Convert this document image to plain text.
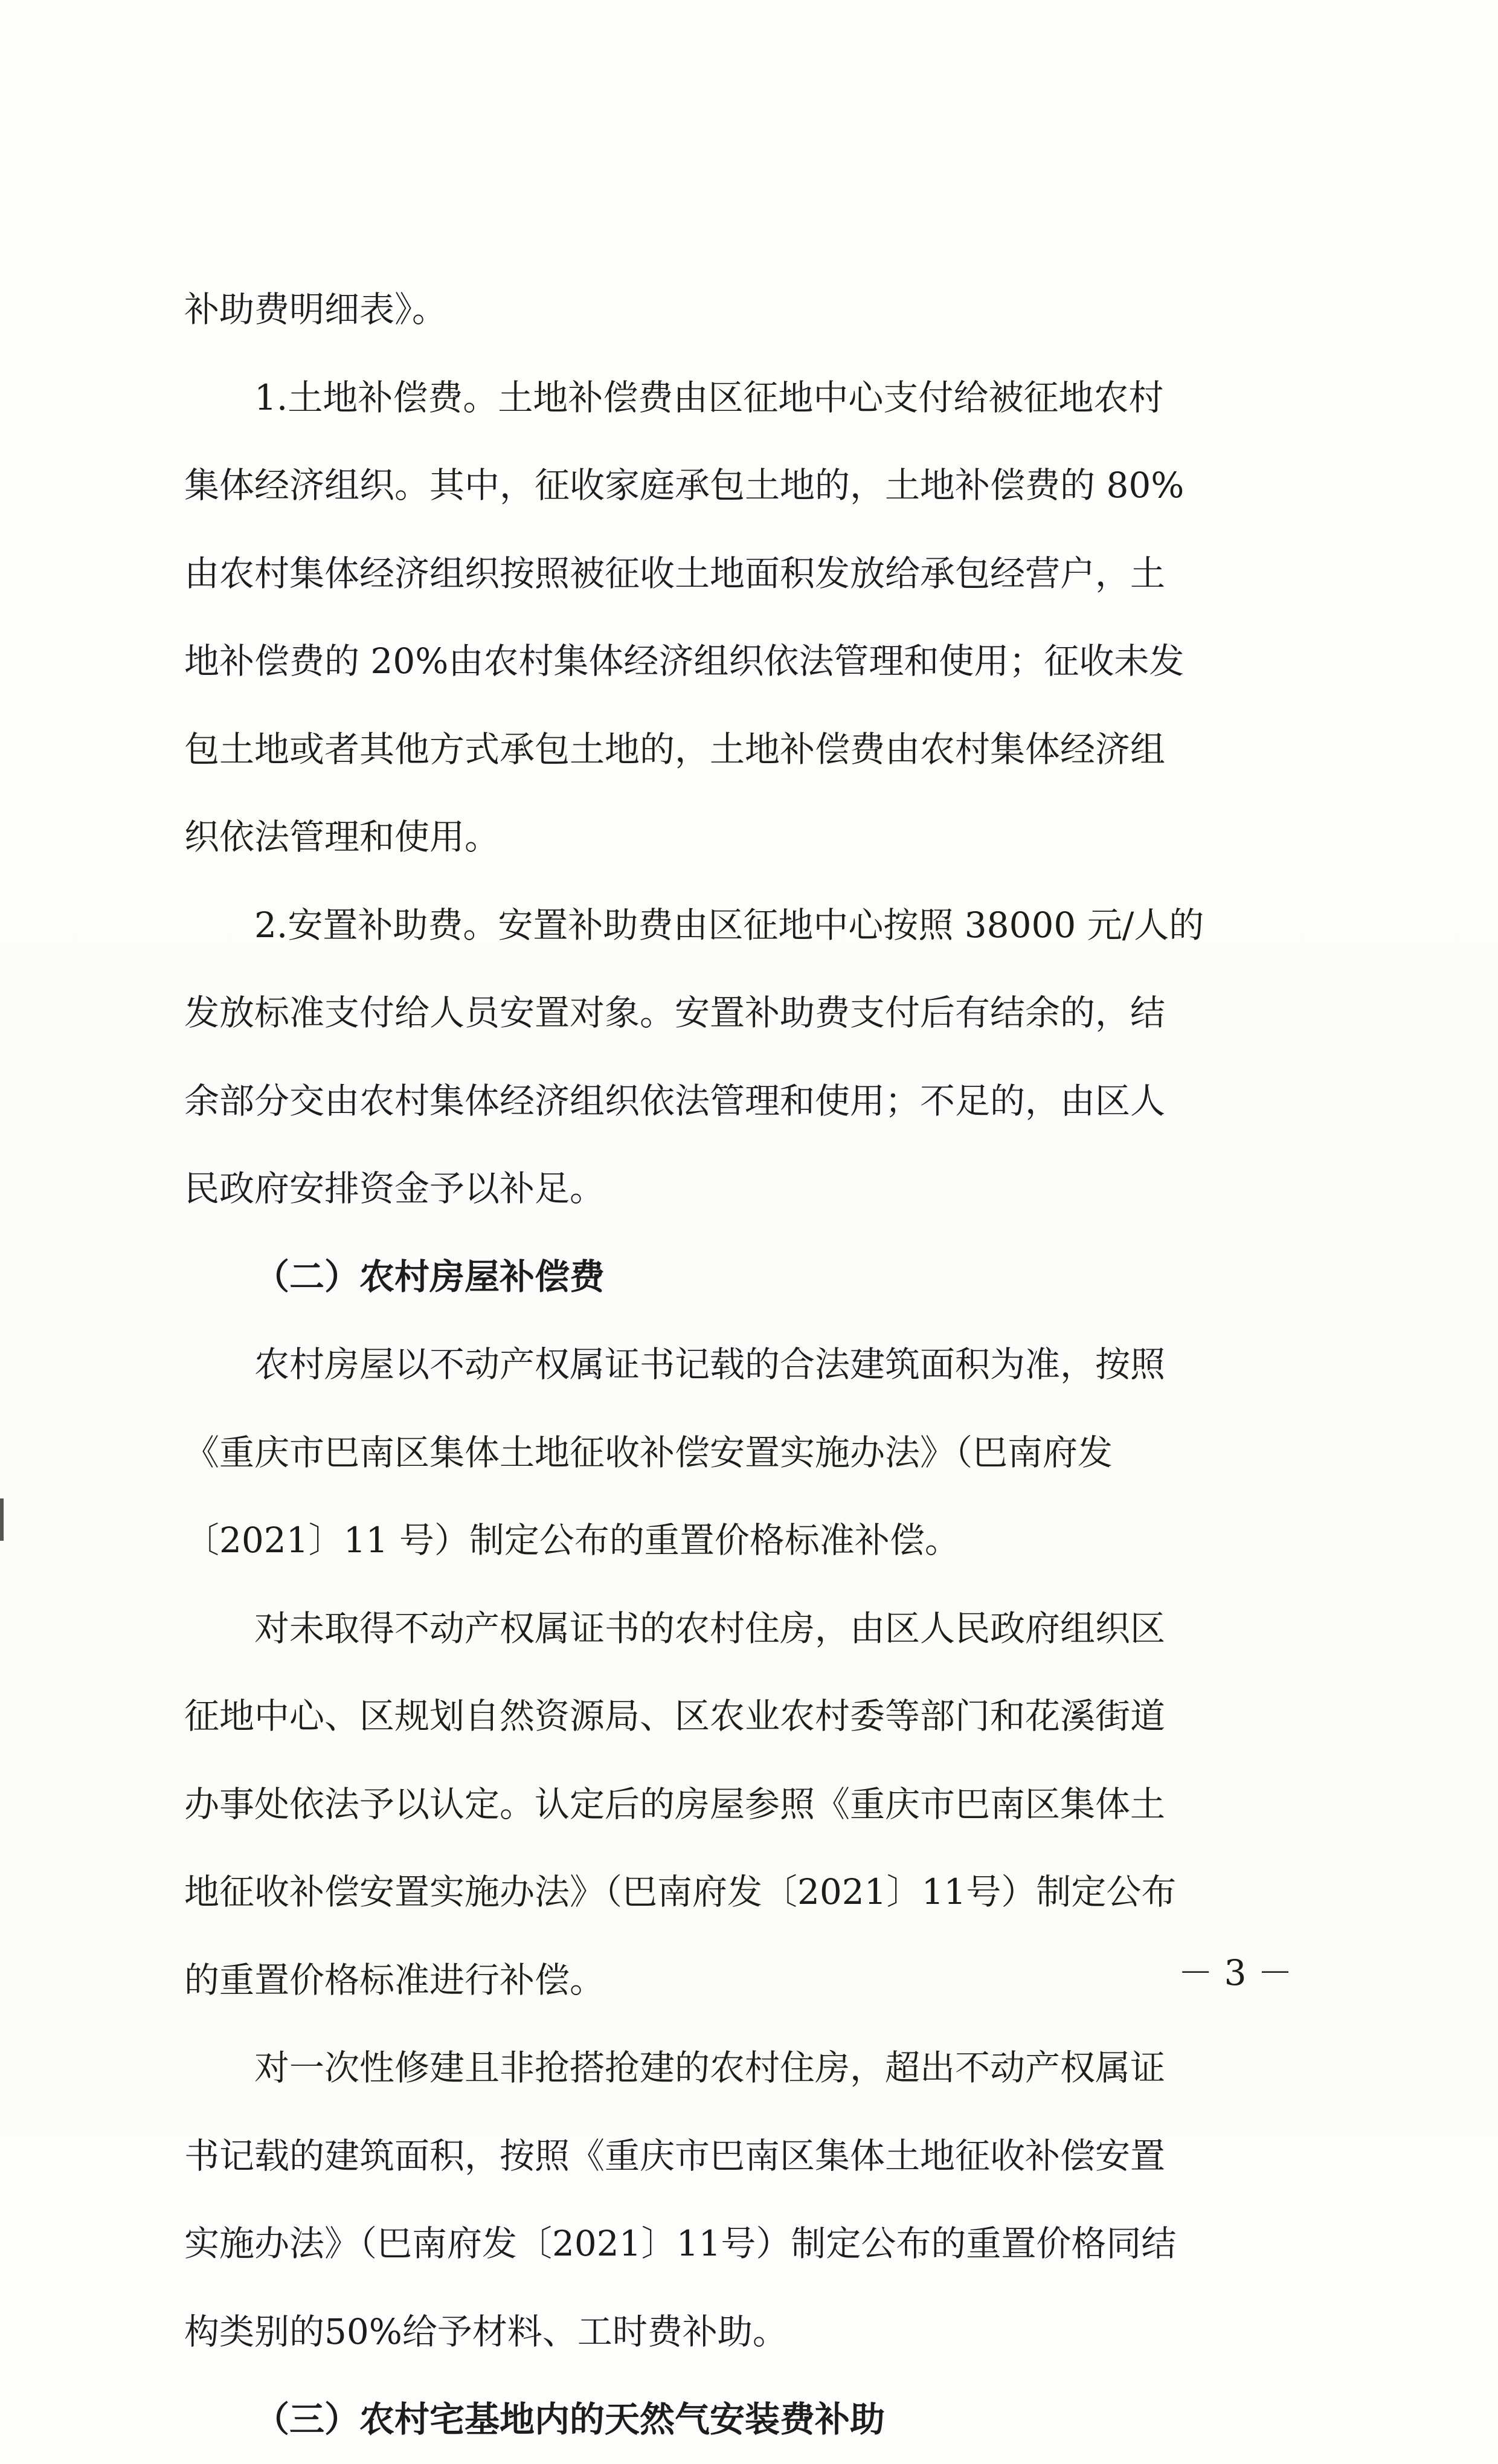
补助费明细表》。
1.土地补偿费。土地补偿费由区征地中心支付给被征地农村
集体经济组织。其中，征收家庭承包土地的，土地补偿费的 80%
由农村集体经济组织按照被征收土地面积发放给承包经营户，土
地补偿费的 20%由农村集体经济组织依法管理和使用；征收未发
包土地或者其他方式承包土地的，土地补偿费由农村集体经济组
织依法管理和使用。
2.安置补助费。安置补助费由区征地中心按照 38000 元/人的
发放标准支付给人员安置对象。安置补助费支付后有结余的，结
余部分交由农村集体经济组织依法管理和使用；不足的，由区人
民政府安排资金予以补足。
（二）农村房屋补偿费
农村房屋以不动产权属证书记载的合法建筑面积为准，按照
《重庆市巴南区集体土地征收补偿安置实施办法》（巴南府发
〔2021〕11 号）制定公布的重置价格标准补偿。
对未取得不动产权属证书的农村住房，由区人民政府组织区
征地中心、区规划自然资源局、区农业农村委等部门和花溪街道
办事处依法予以认定。认定后的房屋参照《重庆市巴南区集体土
地征收补偿安置实施办法》（巴南府发〔2021〕11号）制定公布
的重置价格标准进行补偿。
对一次性修建且非抢搭抢建的农村住房，超出不动产权属证
书记载的建筑面积，按照《重庆市巴南区集体土地征收补偿安置
实施办法》（巴南府发〔2021〕11号）制定公布的重置价格同结
构类别的50%给予材料、工时费补助。
（三）农村宅基地内的天然气安装费补助
－ 3 －
